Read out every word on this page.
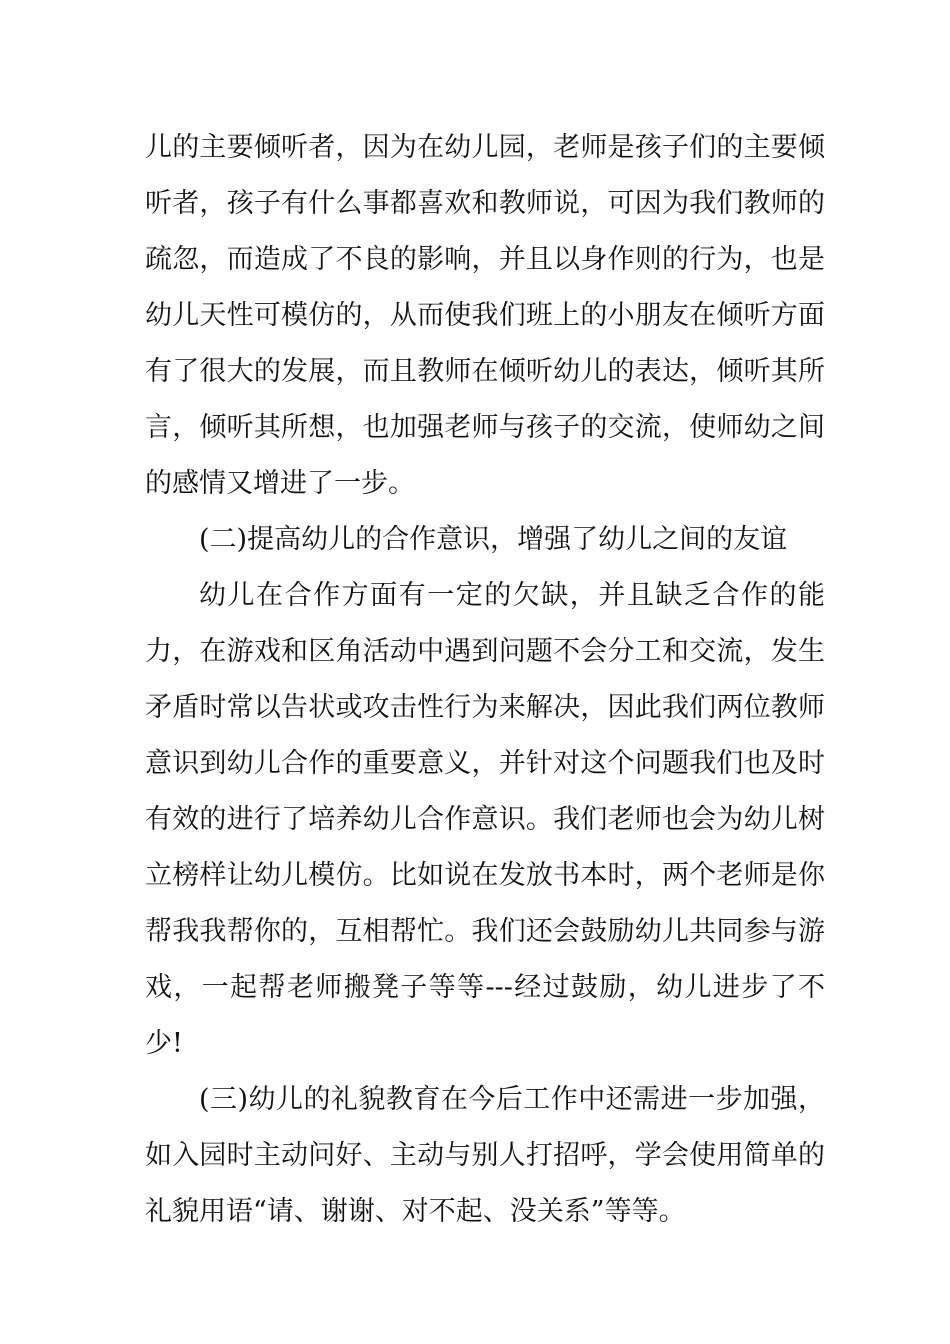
儿的主要倾听者，因为在幼儿园，老师是孩子们的主要倾听者，孩子有什么事都喜欢和教师说，可因为我们教师的疏忽，而造成了不良的影响，并且以身作则的行为，也是幼儿天性可模仿的，从而使我们班上的小朋友在倾听方面有了很大的发展，而且教师在倾听幼儿的表达，倾听其所言，倾听其所想，也加强老师与孩子的交流，使师幼之间的感情又增进了一步。

(二)提高幼儿的合作意识，增强了幼儿之间的友谊

幼儿在合作方面有一定的欠缺，并且缺乏合作的能力，在游戏和区角活动中遇到问题不会分工和交流，发生矛盾时常以告状或攻击性行为来解决，因此我们两位教师意识到幼儿合作的重要意义，并针对这个问题我们也及时有效的进行了培养幼儿合作意识。我们老师也会为幼儿树立榜样让幼儿模仿。比如说在发放书本时，两个老师是你帮我我帮你的，互相帮忙。我们还会鼓励幼儿共同参与游戏，一起帮老师搬凳子等等---经过鼓励，幼儿进步了不少!

(三)幼儿的礼貌教育在今后工作中还需进一步加强，如入园时主动问好、主动与别人打招呼，学会使用简单的礼貌用语“请、谢谢、对不起、没关系”等等。
